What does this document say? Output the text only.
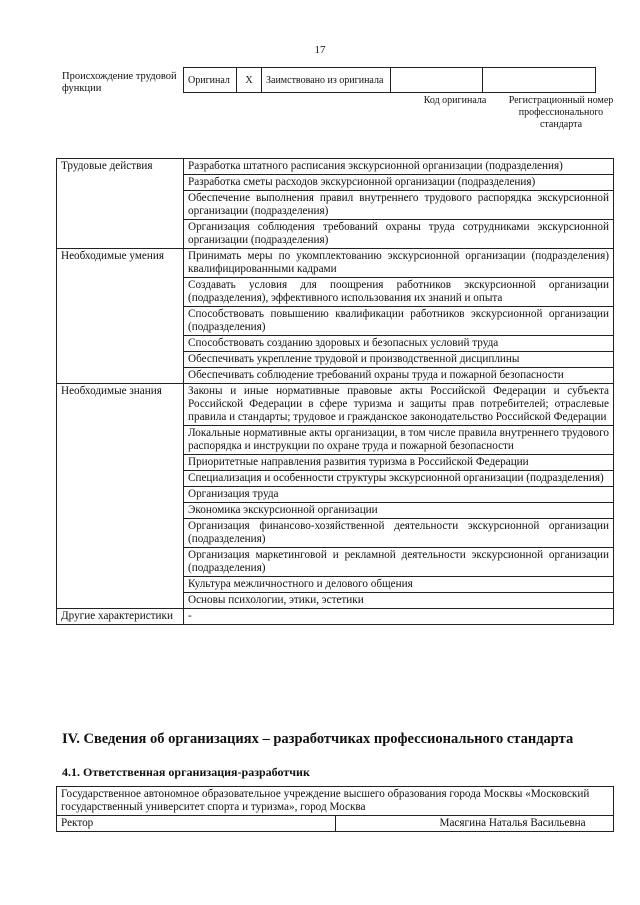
17
Происхождение трудовой функции
Оригинал	X	Заимствовано из оригинала		
Код оригинала	Регистрационный номер профессионального стандарта
Трудовые действия	Разработка штатного расписания экскурсионной организации (подразделения)
	Разработка сметы расходов экскурсионной организации (подразделения)
	Обеспечение выполнения правил внутреннего трудового распорядка экскурсионной организации (подразделения)
	Организация соблюдения требований охраны труда сотрудниками экскурсионной организации (подразделения)
Необходимые умения	Принимать меры по укомплектованию экскурсионной организации (подразделения) квалифицированными кадрами
	Создавать условия для поощрения работников экскурсионной организации (подразделения), эффективного использования их знаний и опыта
	Способствовать повышению квалификации работников экскурсионной организации (подразделения)
	Способствовать созданию здоровых и безопасных условий труда
	Обеспечивать укрепление трудовой и производственной дисциплины
	Обеспечивать соблюдение требований охраны труда и пожарной безопасности
Необходимые знания	Законы и иные нормативные правовые акты Российской Федерации и субъекта Российской Федерации в сфере туризма и защиты прав потребителей; отраслевые правила и стандарты; трудовое и гражданское законодательство Российской Федерации
	Локальные нормативные акты организации, в том числе правила внутреннего трудового распорядка и инструкции по охране труда и пожарной безопасности
	Приоритетные направления развития туризма в Российской Федерации
	Специализация и особенности структуры экскурсионной организации (подразделения)
	Организация труда
	Экономика экскурсионной организации
	Организация финансово-хозяйственной деятельности экскурсионной организации (подразделения)
	Организация маркетинговой и рекламной деятельности экскурсионной организации (подразделения)
	Культура межличностного и делового общения
	Основы психологии, этики, эстетики
Другие характеристики	-
IV. Сведения об организациях – разработчиках профессионального стандарта
4.1. Ответственная организация-разработчик
Государственное автономное образовательное учреждение высшего образования города Москвы «Московский государственный университет спорта и туризма», город Москва
Ректор	Масягина Наталья Васильевна
